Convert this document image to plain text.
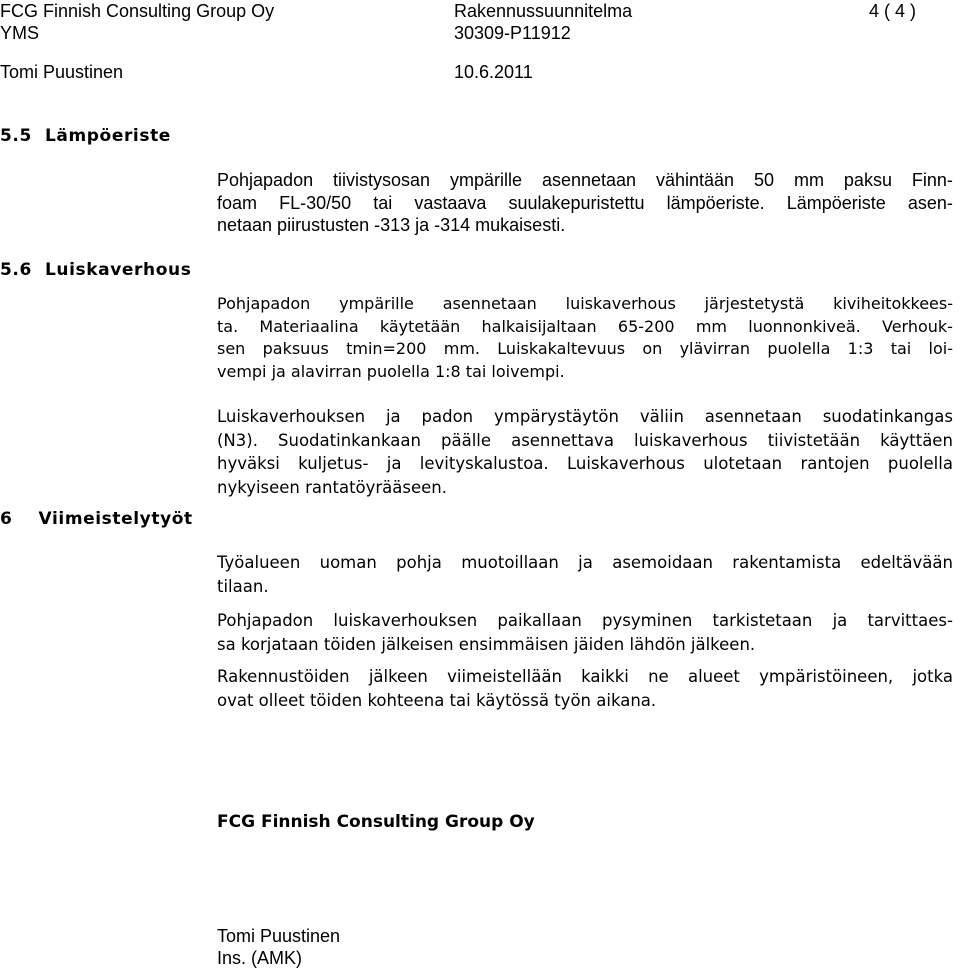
FCG Finnish Consulting Group Oy
YMS
Tomi Puustinen
Rakennussuunnitelma
30309-P11912
10.6.2011
4 ( 4 )
5.5  Lämpöeriste
Pohjapadon tiivistysosan ympärille asennetaan vähintään 50 mm paksu Finn-
foam FL-30/50 tai vastaava suulakepuristettu lämpöeriste. Lämpöeriste asen-
netaan piirustusten -313 ja -314 mukaisesti.
5.6  Luiskaverhous
Pohjapadon ympärille asennetaan luiskaverhous järjestetystä kiviheitokkees-
ta. Materiaalina käytetään halkaisijaltaan 65-200 mm luonnonkiveä. Verhouk-
sen paksuus tmin=200 mm. Luiskakaltevuus on ylävirran puolella 1:3 tai loi-
vempi ja alavirran puolella 1:8 tai loivempi.
Luiskaverhouksen ja padon ympärystäytön väliin asennetaan suodatinkangas
(N3). Suodatinkankaan päälle asennettava luiskaverhous tiivistetään käyttäen
hyväksi kuljetus- ja levityskalustoa. Luiskaverhous ulotetaan rantojen puolella
nykyiseen rantatöyrääseen.
6    Viimeistelytyöt
Työalueen uoman pohja muotoillaan ja asemoidaan rakentamista edeltävään
tilaan.
Pohjapadon luiskaverhouksen paikallaan pysyminen tarkistetaan ja tarvittaes-
sa korjataan töiden jälkeisen ensimmäisen jäiden lähdön jälkeen.
Rakennustöiden jälkeen viimeistellään kaikki ne alueet ympäristöineen, jotka
ovat olleet töiden kohteena tai käytössä työn aikana.
FCG Finnish Consulting Group Oy
Tomi Puustinen
Ins. (AMK)
